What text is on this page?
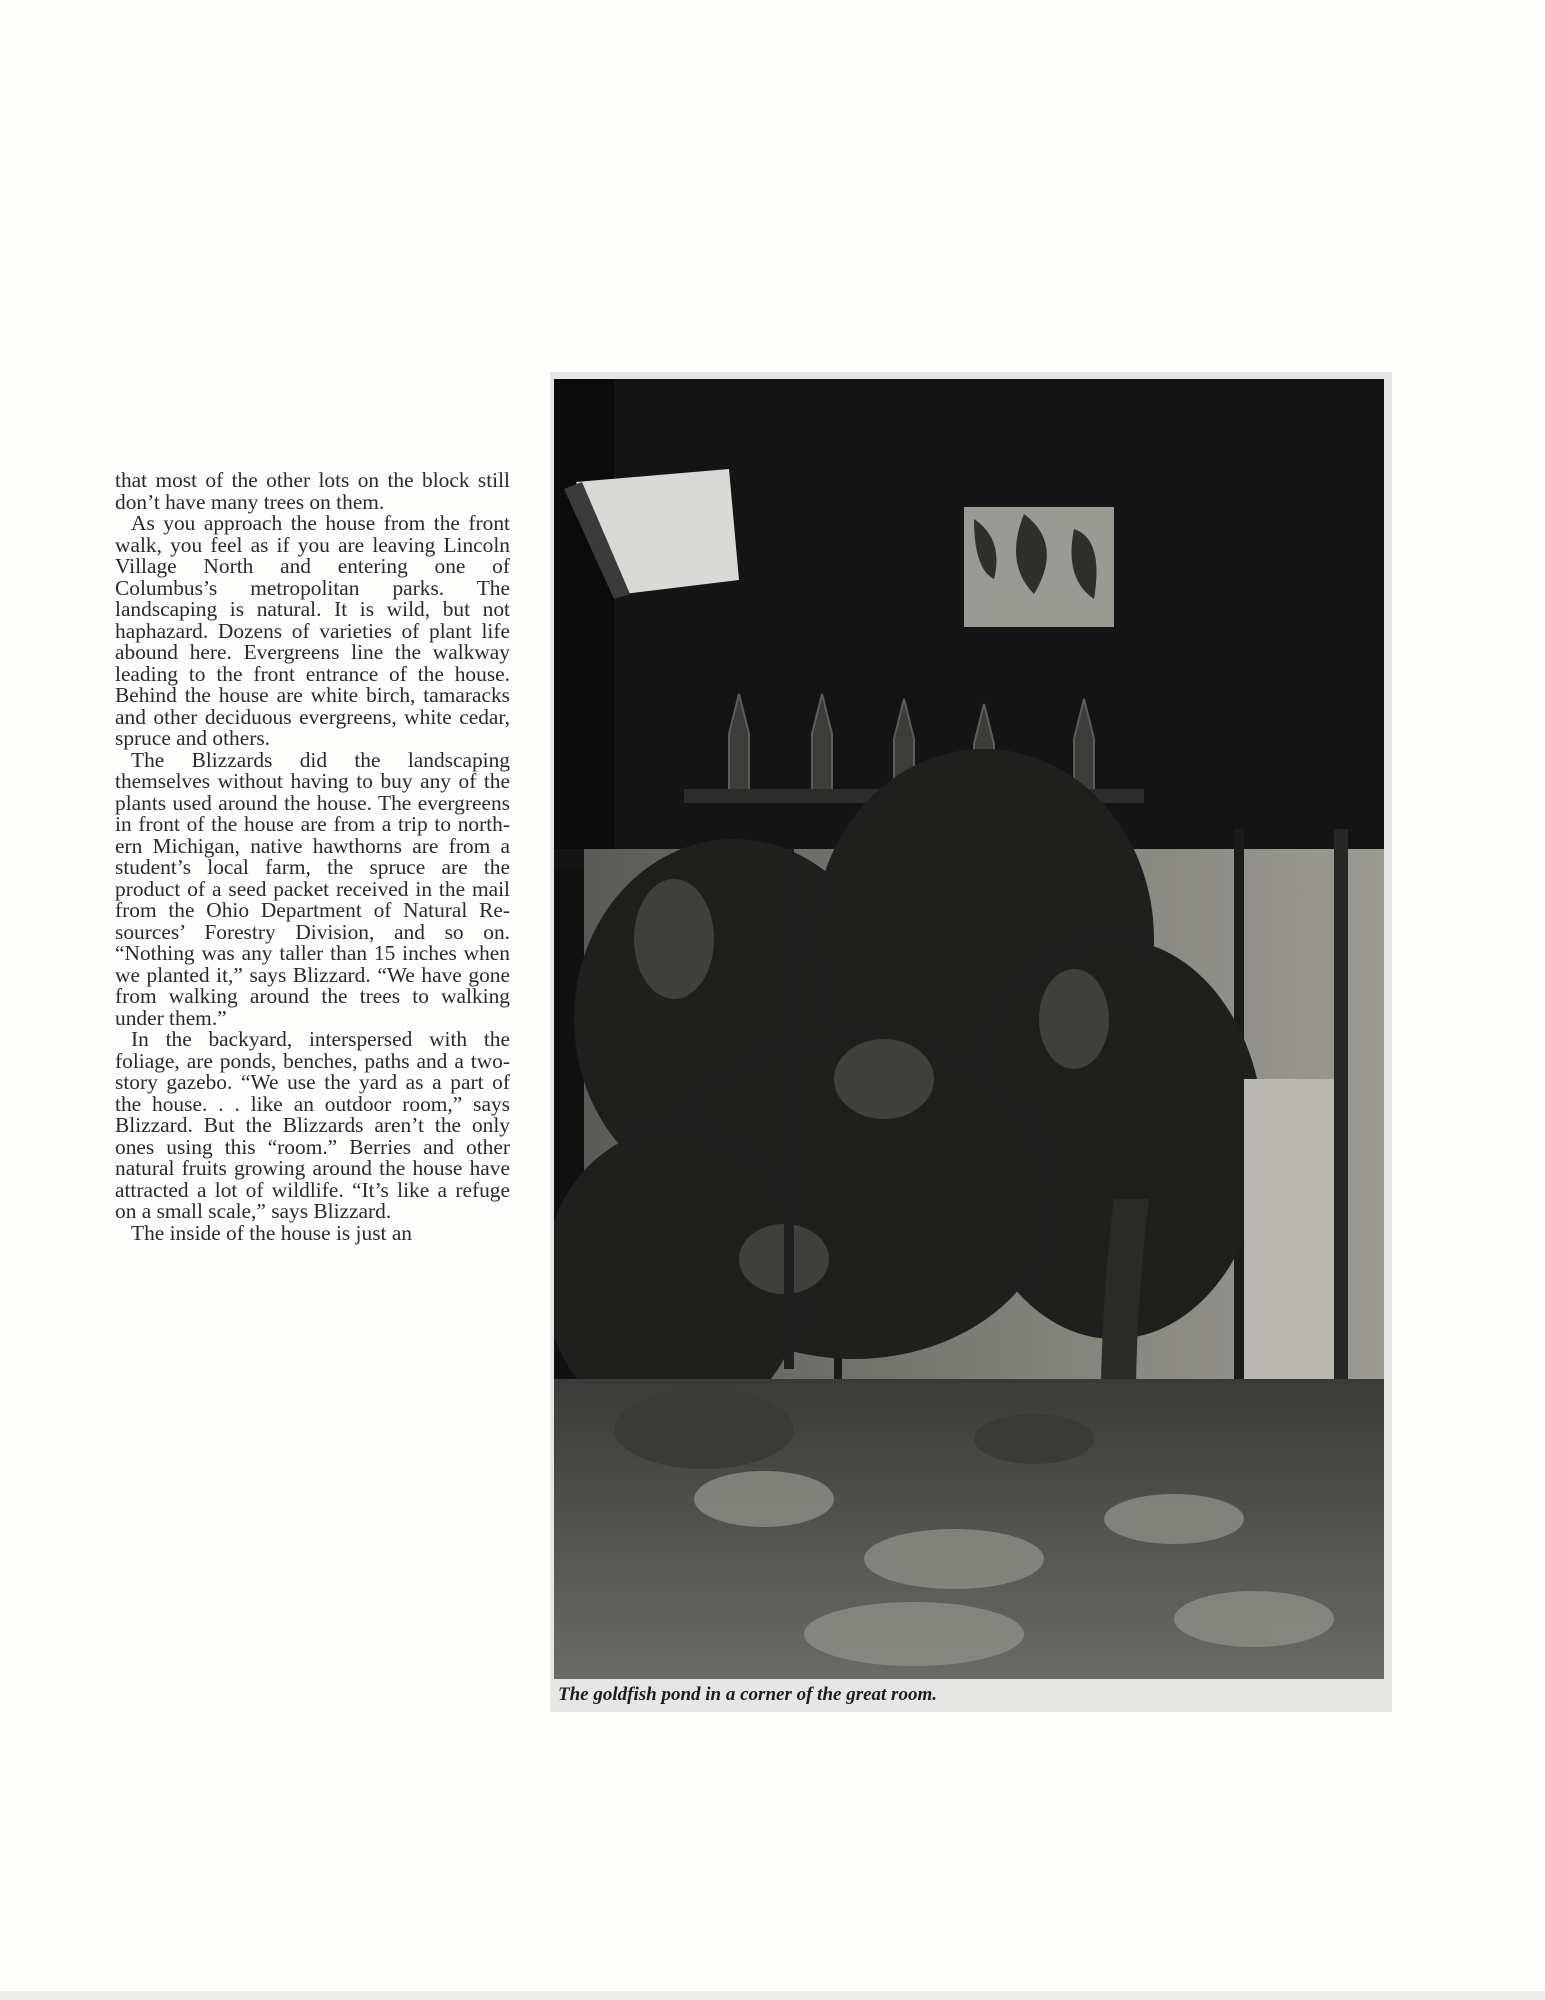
that most of the other lots on the block still don’t have many trees on them.

As you approach the house from the front walk, you feel as if you are leaving Lincoln Village North and entering one of Columbus’s metropolitan parks. The landscaping is natural. It is wild, but not haphazard. Dozens of varieties of plant life abound here. Evergreens line the walkway leading to the front entrance of the house. Behind the house are white birch, tamaracks and other deciduous evergreens, white cedar, spruce and others.

The Blizzards did the landscaping themselves without having to buy any of the plants used around the house. The evergreens in front of the house are from a trip to northern Michigan, native hawthorns are from a student’s local farm, the spruce are the product of a seed packet received in the mail from the Ohio Department of Natural Resources’ Forestry Division, and so on. “Nothing was any taller than 15 inches when we planted it,” says Blizzard. “We have gone from walking around the trees to walking under them.”

In the backyard, interspersed with the foliage, are ponds, benches, paths and a two-story gazebo. “We use the yard as a part of the house. . . like an outdoor room,” says Blizzard. But the Blizzards aren’t the only ones using this “room.” Berries and other natural fruits growing around the house have attracted a lot of wildlife. “It’s like a refuge on a small scale,” says Blizzard.

The inside of the house is just an

The goldfish pond in a corner of the great room.
